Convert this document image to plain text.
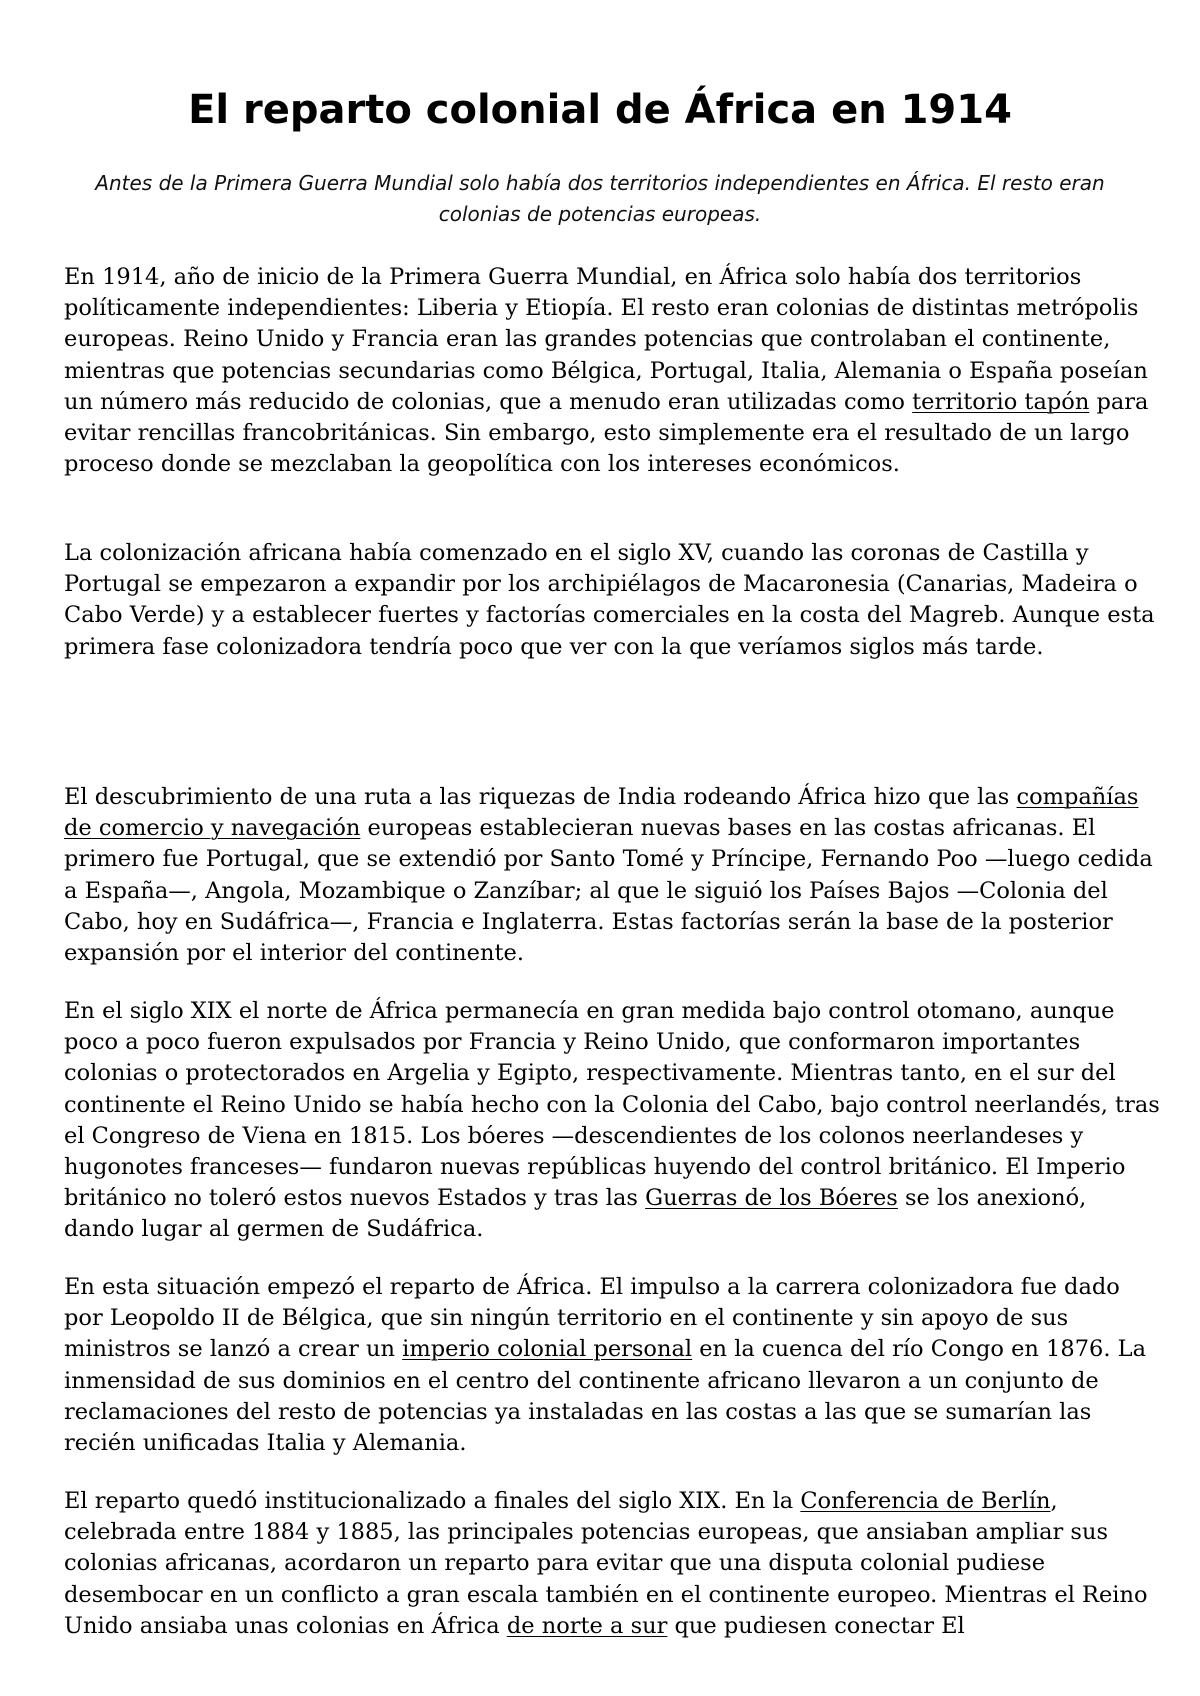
El reparto colonial de África en 1914

Antes de la Primera Guerra Mundial solo había dos territorios independientes en África. El resto eran colonias de potencias europeas.

En 1914, año de inicio de la Primera Guerra Mundial, en África solo había dos territorios políticamente independientes: Liberia y Etiopía. El resto eran colonias de distintas metrópolis europeas. Reino Unido y Francia eran las grandes potencias que controlaban el continente, mientras que potencias secundarias como Bélgica, Portugal, Italia, Alemania o España poseían un número más reducido de colonias, que a menudo eran utilizadas como territorio tapón para evitar rencillas francobritánicas. Sin embargo, esto simplemente era el resultado de un largo proceso donde se mezclaban la geopolítica con los intereses económicos.

La colonización africana había comenzado en el siglo XV, cuando las coronas de Castilla y Portugal se empezaron a expandir por los archipiélagos de Macaronesia (Canarias, Madeira o Cabo Verde) y a establecer fuertes y factorías comerciales en la costa del Magreb. Aunque esta primera fase colonizadora tendría poco que ver con la que veríamos siglos más tarde.

El descubrimiento de una ruta a las riquezas de India rodeando África hizo que las compañías de comercio y navegación europeas establecieran nuevas bases en las costas africanas. El primero fue Portugal, que se extendió por Santo Tomé y Príncipe, Fernando Poo —luego cedida a España—, Angola, Mozambique o Zanzíbar; al que le siguió los Países Bajos —Colonia del Cabo, hoy en Sudáfrica—, Francia e Inglaterra. Estas factorías serán la base de la posterior expansión por el interior del continente.

En el siglo XIX el norte de África permanecía en gran medida bajo control otomano, aunque poco a poco fueron expulsados por Francia y Reino Unido, que conformaron importantes colonias o protectorados en Argelia y Egipto, respectivamente. Mientras tanto, en el sur del continente el Reino Unido se había hecho con la Colonia del Cabo, bajo control neerlandés, tras el Congreso de Viena en 1815. Los bóeres —descendientes de los colonos neerlandeses y hugonotes franceses— fundaron nuevas repúblicas huyendo del control británico. El Imperio británico no toleró estos nuevos Estados y tras las Guerras de los Bóeres se los anexionó, dando lugar al germen de Sudáfrica.

En esta situación empezó el reparto de África. El impulso a la carrera colonizadora fue dado por Leopoldo II de Bélgica, que sin ningún territorio en el continente y sin apoyo de sus ministros se lanzó a crear un imperio colonial personal en la cuenca del río Congo en 1876. La inmensidad de sus dominios en el centro del continente africano llevaron a un conjunto de reclamaciones del resto de potencias ya instaladas en las costas a las que se sumarían las recién unificadas Italia y Alemania.

El reparto quedó institucionalizado a finales del siglo XIX. En la Conferencia de Berlín, celebrada entre 1884 y 1885, las principales potencias europeas, que ansiaban ampliar sus colonias africanas, acordaron un reparto para evitar que una disputa colonial pudiese desembocar en un conflicto a gran escala también en el continente europeo. Mientras el Reino Unido ansiaba unas colonias en África de norte a sur que pudiesen conectar El
